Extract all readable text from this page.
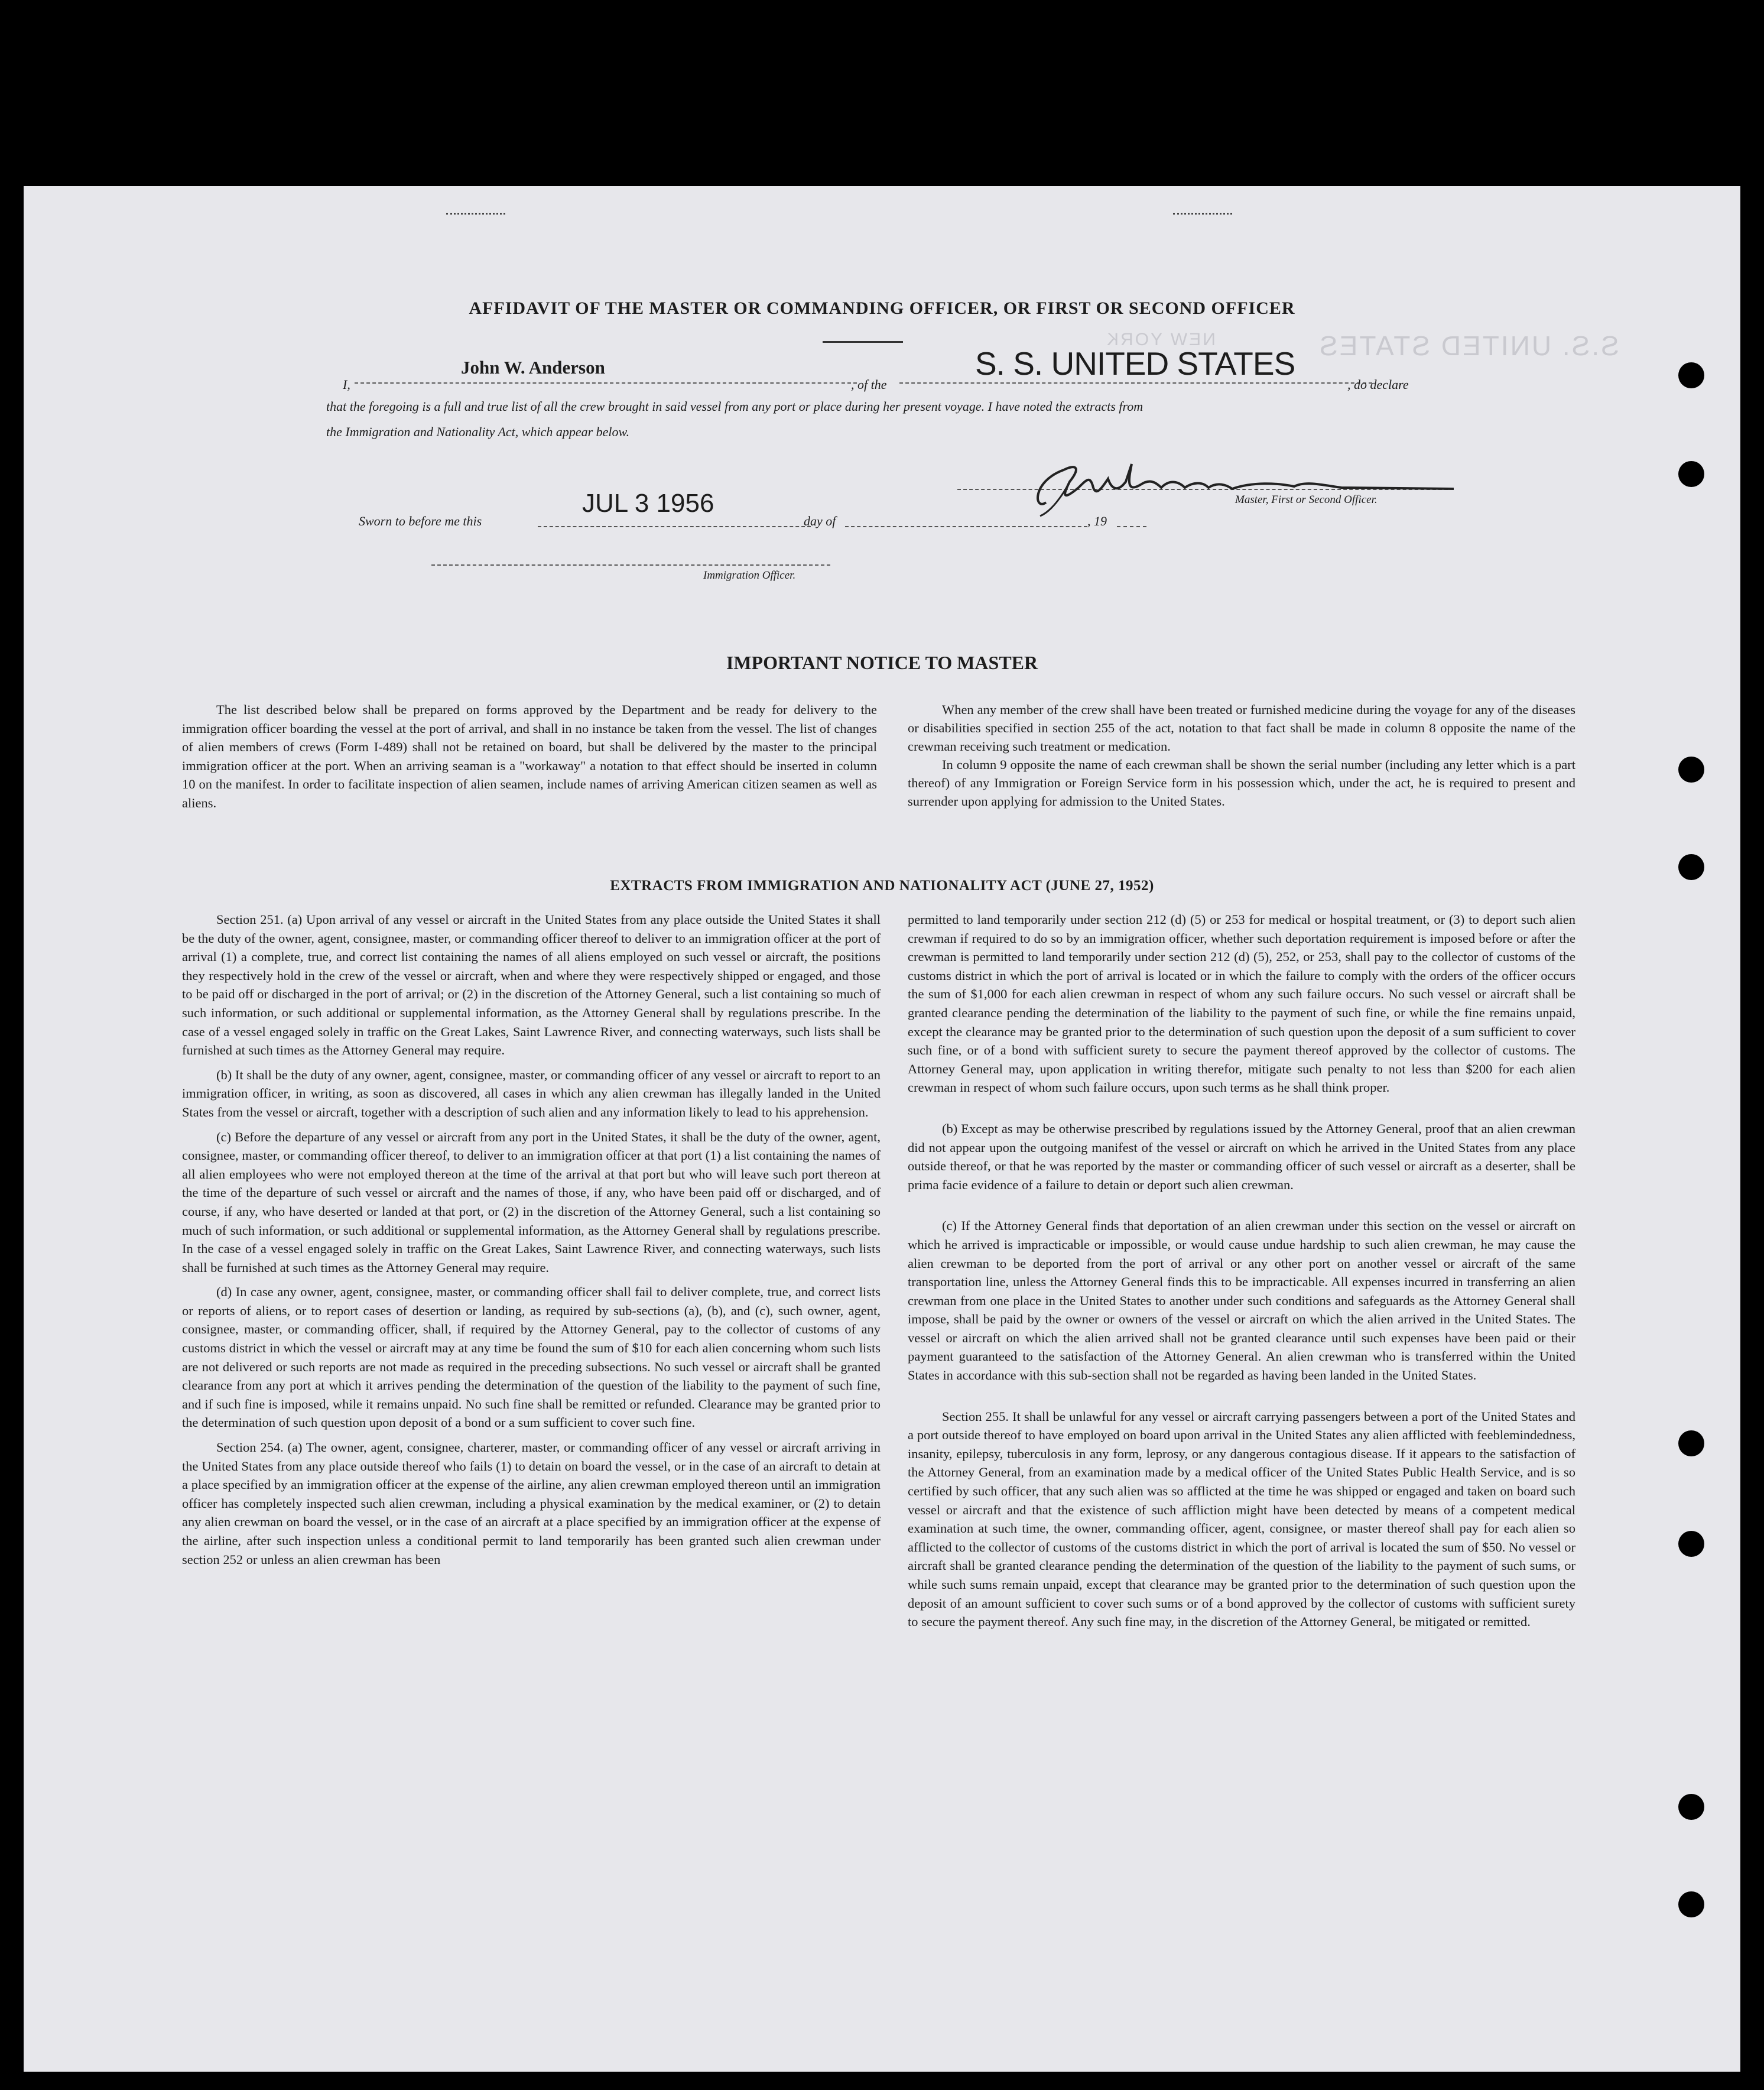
S.S. UNITED STATES
NEW YORK
AFFIDAVIT OF THE MASTER OR COMMANDING OFFICER, OR FIRST OR SECOND OFFICER
I,
John W. Anderson
, of the
S. S. UNITED STATES
, do declare
that the foregoing is a full and true list of all the crew brought in said vessel from any port or place during her present voyage. I have noted the extracts from
the Immigration and Nationality Act, which appear below.
Master, First or Second Officer.
Sworn to before me this
JUL 3 1956
day of	, 19
Immigration Officer.
IMPORTANT NOTICE TO MASTER

The list described below shall be prepared on forms approved by the Department and be ready for delivery to the immigration officer boarding the vessel at the port of arrival, and shall in no instance be taken from the vessel. The list of changes of alien members of crews (Form I-489) shall not be retained on board, but shall be delivered by the master to the principal immigration officer at the port. When an arriving seaman is a "workaway" a notation to that effect should be inserted in column 10 on the manifest. In order to facilitate inspection of alien seamen, include names of arriving American citizen seamen as well as aliens.

When any member of the crew shall have been treated or furnished medicine during the voyage for any of the diseases or disabilities specified in section 255 of the act, notation to that fact shall be made in column 8 opposite the name of the crewman receiving such treatment or medication.

In column 9 opposite the name of each crewman shall be shown the serial number (including any letter which is a part thereof) of any Immigration or Foreign Service form in his possession which, under the act, he is required to present and surrender upon applying for admission to the United States.

EXTRACTS FROM IMMIGRATION AND NATIONALITY ACT (JUNE 27, 1952)

Section 251. (a) Upon arrival of any vessel or aircraft in the United States from any place outside the United States it shall be the duty of the owner, agent, consignee, master, or commanding officer thereof to deliver to an immigration officer at the port of arrival (1) a complete, true, and correct list containing the names of all aliens employed on such vessel or aircraft, the positions they respectively hold in the crew of the vessel or aircraft, when and where they were respectively shipped or engaged, and those to be paid off or discharged in the port of arrival; or (2) in the discretion of the Attorney General, such a list containing so much of such information, or such additional or supplemental information, as the Attorney General shall by regulations prescribe. In the case of a vessel engaged solely in traffic on the Great Lakes, Saint Lawrence River, and connecting waterways, such lists shall be furnished at such times as the Attorney General may require.

(b) It shall be the duty of any owner, agent, consignee, master, or commanding officer of any vessel or aircraft to report to an immigration officer, in writing, as soon as discovered, all cases in which any alien crewman has illegally landed in the United States from the vessel or aircraft, together with a description of such alien and any information likely to lead to his apprehension.

(c) Before the departure of any vessel or aircraft from any port in the United States, it shall be the duty of the owner, agent, consignee, master, or commanding officer thereof, to deliver to an immigration officer at that port (1) a list containing the names of all alien employees who were not employed thereon at the time of the arrival at that port but who will leave such port thereon at the time of the departure of such vessel or aircraft and the names of those, if any, who have been paid off or discharged, and of course, if any, who have deserted or landed at that port, or (2) in the discretion of the Attorney General, such a list containing so much of such information, or such additional or supplemental information, as the Attorney General shall by regulations prescribe. In the case of a vessel engaged solely in traffic on the Great Lakes, Saint Lawrence River, and connecting waterways, such lists shall be furnished at such times as the Attorney General may require.

(d) In case any owner, agent, consignee, master, or commanding officer shall fail to deliver complete, true, and correct lists or reports of aliens, or to report cases of desertion or landing, as required by sub-sections (a), (b), and (c), such owner, agent, consignee, master, or commanding officer, shall, if required by the Attorney General, pay to the collector of customs of any customs district in which the vessel or aircraft may at any time be found the sum of $10 for each alien concerning whom such lists are not delivered or such reports are not made as required in the preceding subsections. No such vessel or aircraft shall be granted clearance from any port at which it arrives pending the determination of the question of the liability to the payment of such fine, and if such fine is imposed, while it remains unpaid. No such fine shall be remitted or refunded. Clearance may be granted prior to the determination of such question upon deposit of a bond or a sum sufficient to cover such fine.

Section 254. (a) The owner, agent, consignee, charterer, master, or commanding officer of any vessel or aircraft arriving in the United States from any place outside thereof who fails (1) to detain on board the vessel, or in the case of an aircraft to detain at a place specified by an immigration officer at the expense of the airline, any alien crewman employed thereon until an immigration officer has completely inspected such alien crewman, including a physical examination by the medical examiner, or (2) to detain any alien crewman on board the vessel, or in the case of an aircraft at a place specified by an immigration officer at the expense of the airline, after such inspection unless a conditional permit to land temporarily has been granted such alien crewman under section 252 or unless an alien crewman has been

permitted to land temporarily under section 212 (d) (5) or 253 for medical or hospital treatment, or (3) to deport such alien crewman if required to do so by an immigration officer, whether such deportation requirement is imposed before or after the crewman is permitted to land temporarily under section 212 (d) (5), 252, or 253, shall pay to the collector of customs of the customs district in which the port of arrival is located or in which the failure to comply with the orders of the officer occurs the sum of $1,000 for each alien crewman in respect of whom any such failure occurs. No such vessel or aircraft shall be granted clearance pending the determination of the liability to the payment of such fine, or while the fine remains unpaid, except the clearance may be granted prior to the determination of such question upon the deposit of a sum sufficient to cover such fine, or of a bond with sufficient surety to secure the payment thereof approved by the collector of customs. The Attorney General may, upon application in writing therefor, mitigate such penalty to not less than $200 for each alien crewman in respect of whom such failure occurs, upon such terms as he shall think proper.

(b) Except as may be otherwise prescribed by regulations issued by the Attorney General, proof that an alien crewman did not appear upon the outgoing manifest of the vessel or aircraft on which he arrived in the United States from any place outside thereof, or that he was reported by the master or commanding officer of such vessel or aircraft as a deserter, shall be prima facie evidence of a failure to detain or deport such alien crewman.

(c) If the Attorney General finds that deportation of an alien crewman under this section on the vessel or aircraft on which he arrived is impracticable or impossible, or would cause undue hardship to such alien crewman, he may cause the alien crewman to be deported from the port of arrival or any other port on another vessel or aircraft of the same transportation line, unless the Attorney General finds this to be impracticable. All expenses incurred in transferring an alien crewman from one place in the United States to another under such conditions and safeguards as the Attorney General shall impose, shall be paid by the owner or owners of the vessel or aircraft on which the alien arrived in the United States. The vessel or aircraft on which the alien arrived shall not be granted clearance until such expenses have been paid or their payment guaranteed to the satisfaction of the Attorney General. An alien crewman who is transferred within the United States in accordance with this sub-section shall not be regarded as having been landed in the United States.

Section 255. It shall be unlawful for any vessel or aircraft carrying passengers between a port of the United States and a port outside thereof to have employed on board upon arrival in the United States any alien afflicted with feeblemindedness, insanity, epilepsy, tuberculosis in any form, leprosy, or any dangerous contagious disease. If it appears to the satisfaction of the Attorney General, from an examination made by a medical officer of the United States Public Health Service, and is so certified by such officer, that any such alien was so afflicted at the time he was shipped or engaged and taken on board such vessel or aircraft and that the existence of such affliction might have been detected by means of a competent medical examination at such time, the owner, commanding officer, agent, consignee, or master thereof shall pay for each alien so afflicted to the collector of customs of the customs district in which the port of arrival is located the sum of $50. No vessel or aircraft shall be granted clearance pending the determination of the question of the liability to the payment of such sums, or while such sums remain unpaid, except that clearance may be granted prior to the determination of such question upon the deposit of an amount sufficient to cover such sums or of a bond approved by the collector of customs with sufficient surety to secure the payment thereof. Any such fine may, in the discretion of the Attorney General, be mitigated or remitted.
